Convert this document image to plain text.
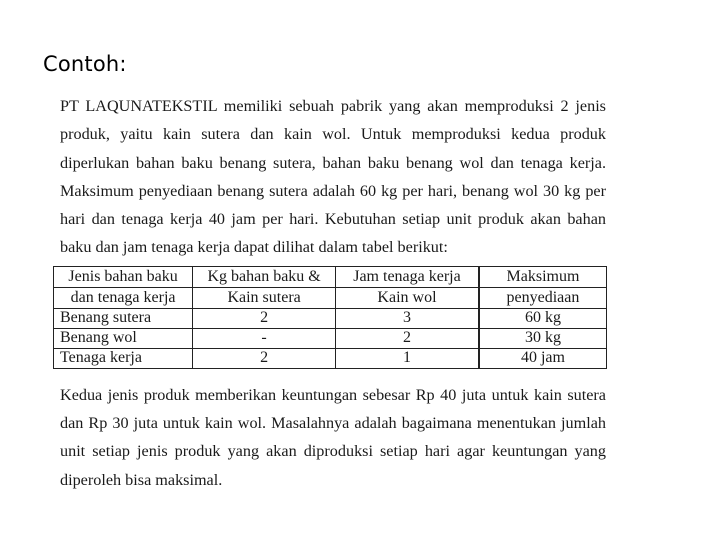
Contoh:

PT LAQUNATEKSTIL memiliki sebuah pabrik yang akan memproduksi 2 jenis produk, yaitu kain sutera dan kain wol. Untuk memproduksi kedua produk diperlukan bahan baku benang sutera, bahan baku benang wol dan tenaga kerja. Maksimum penyediaan benang sutera adalah 60 kg per hari, benang wol 30 kg per hari dan tenaga kerja 40 jam per hari. Kebutuhan setiap unit produk akan bahan baku dan jam tenaga kerja dapat dilihat dalam tabel berikut:

Jenis bahan baku	Kg bahan baku &	Jam tenaga kerja		Maksimum
dan tenaga kerja	Kain sutera	Kain wol		penyediaan
Benang sutera	2	3		60 kg
Benang wol	-	2		30 kg
Tenaga kerja	2	1		40 jam

Kedua jenis produk memberikan keuntungan sebesar Rp 40 juta untuk kain sutera dan Rp 30 juta untuk kain wol. Masalahnya adalah bagaimana menentukan jumlah unit setiap jenis produk yang akan diproduksi setiap hari agar keuntungan yang diperoleh bisa maksimal.
